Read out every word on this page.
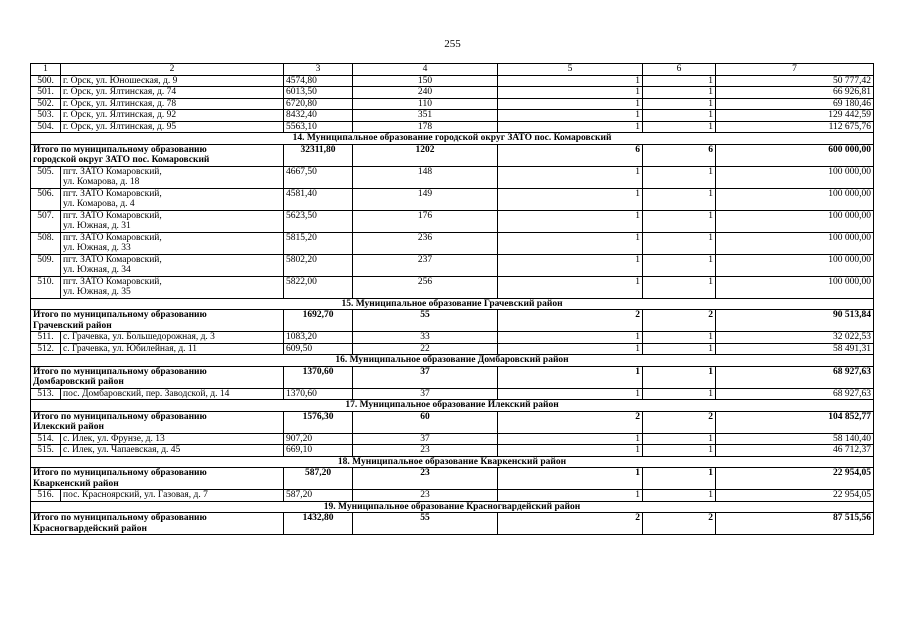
255
1	2	3	4	5	6	7
500.	г. Орск, ул. Юношеская, д. 9	4574,80	150	1	1	50 777,42
501.	г. Орск, ул. Ялтинская, д. 74	6013,50	240	1	1	66 926,81
502.	г. Орск, ул. Ялтинская, д. 78	6720,80	110	1	1	69 180,46
503.	г. Орск, ул. Ялтинская, д. 92	8432,40	351	1	1	129 442,59
504.	г. Орск, ул. Ялтинская, д. 95	5563,10	178	1	1	112 675,76
14. Муниципальное образование городской округ ЗАТО пос. Комаровский						

Итого по муниципальному образованию
городской округ ЗАТО пос. Комаровский		32311,80	1202	6	6	600 000,00
505.	пгт. ЗАТО Комаровский,
ул. Комарова, д. 18	4667,50	148	1	1	100 000,00
506.	пгт. ЗАТО Комаровский,
ул. Комарова, д. 4	4581,40	149	1	1	100 000,00
507.	пгт. ЗАТО Комаровский,
ул. Южная, д. 31	5623,50	176	1	1	100 000,00
508.	пгт. ЗАТО Комаровский,
ул. Южная, д. 33	5815,20	236	1	1	100 000,00
509.	пгт. ЗАТО Комаровский,
ул. Южная, д. 34	5802,20	237	1	1	100 000,00
510.	пгт. ЗАТО Комаровский,
ул. Южная, д. 35	5822,00	256	1	1	100 000,00
15. Муниципальное образование Грачевский район						

Итого по муниципальному образованию
Грачевский район		1692,70	55	2	2	90 513,84
511.	с. Грачевка, ул. Большедорожная, д. 3	1083,20	33	1	1	32 022,53
512.	с. Грачевка, ул. Юбилейная, д. 11	609,50	22	1	1	58 491,31
16. Муниципальное образование Домбаровский район						

Итого по муниципальному образованию
Домбаровский район		1370,60	37	1	1	68 927,63
513.	пос. Домбаровский, пер. Заводской, д. 14	1370,60	37	1	1	68 927,63
17. Муниципальное образование Илекский район						

Итого по муниципальному образованию
Илекский район		1576,30	60	2	2	104 852,77
514.	с. Илек, ул. Фрунзе, д. 13	907,20	37	1	1	58 140,40
515.	с. Илек, ул. Чапаевская, д. 45	669,10	23	1	1	46 712,37
18. Муниципальное образование Кваркенский район						

Итого по муниципальному образованию
Кваркенский район		587,20	23	1	1	22 954,05
516.	пос. Красноярский, ул. Газовая, д. 7	587,20	23	1	1	22 954,05
19. Муниципальное образование Красногвардейский район						

Итого по муниципальному образованию
Красногвардейский район		1432,80	55	2	2	87 515,56
